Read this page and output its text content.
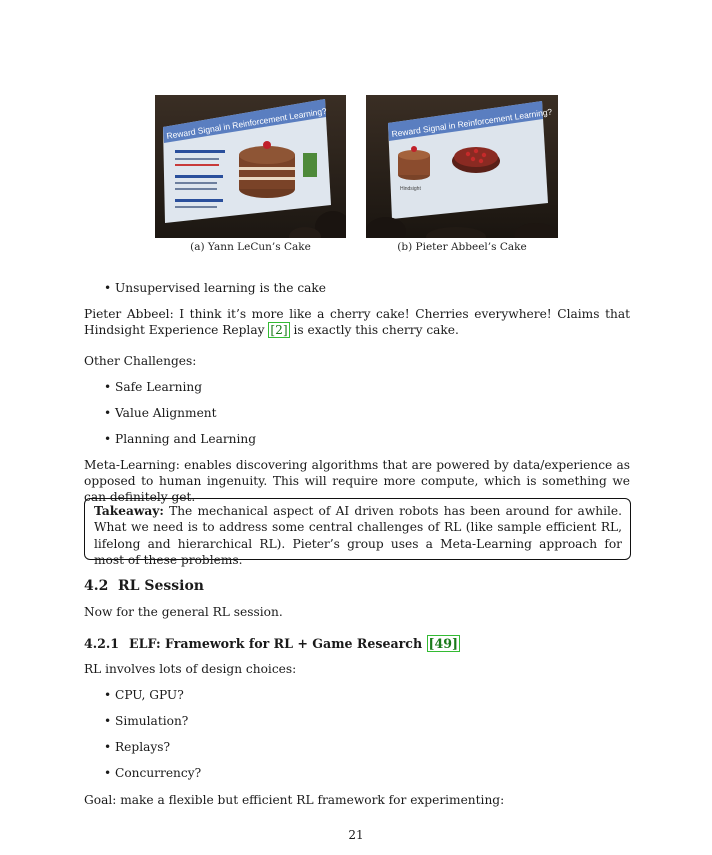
Reward Signal in Reinforcement Learning?
(a) Yann LeCun’s Cake
Reward Signal in Reinforcement Learning?
Hindsight
(b) Pieter Abbeel’s Cake
• Unsupervised learning is the cake
Pieter Abbeel: I think it’s more like a cherry cake! Cherries everywhere! Claims that Hindsight Experience Replay [2] is exactly this cherry cake.
Other Challenges:
• Safe Learning
• Value Alignment
• Planning and Learning
Meta-Learning: enables discovering algorithms that are powered by data/experience as opposed to human ingenuity. This will require more compute, which is something we can definitely get.
Takeaway: The mechanical aspect of AI driven robots has been around for awhile. What we need is to address some central challenges of RL (like sample efficient RL, lifelong and hierarchical RL). Pieter’s group uses a Meta-Learning approach for most of these problems.
4.2 RL Session
Now for the general RL session.
4.2.1 ELF: Framework for RL + Game Research [49]
RL involves lots of design choices:
• CPU, GPU?
• Simulation?
• Replays?
• Concurrency?
Goal: make a flexible but efficient RL framework for experimenting:
21
